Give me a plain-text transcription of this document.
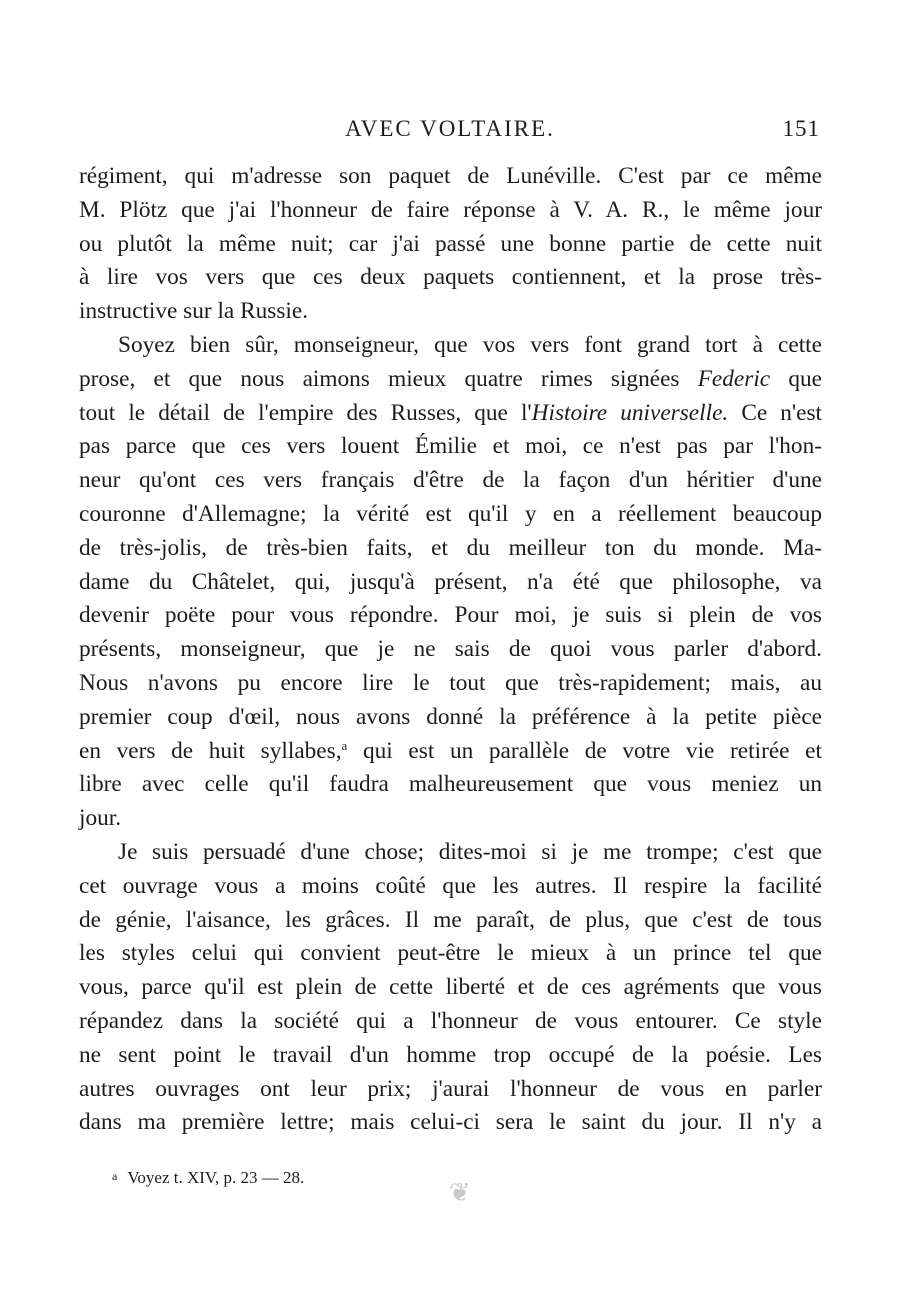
AVEC VOLTAIRE.	151

régiment, qui m'adresse son paquet de Lunéville. C'est par ce même
M. Plötz que j'ai l'honneur de faire réponse à V. A. R., le même jour
ou plutôt la même nuit; car j'ai passé une bonne partie de cette nuit
à lire vos vers que ces deux paquets contiennent, et la prose très-
instructive sur la Russie.

Soyez bien sûr, monseigneur, que vos vers font grand tort à cette
prose, et que nous aimons mieux quatre rimes signées Federic que
tout le détail de l'empire des Russes, que l'Histoire universelle. Ce n'est
pas parce que ces vers louent Émilie et moi, ce n'est pas par l'hon-
neur qu'ont ces vers français d'être de la façon d'un héritier d'une
couronne d'Allemagne; la vérité est qu'il y en a réellement beaucoup
de très-jolis, de très-bien faits, et du meilleur ton du monde. Ma-
dame du Châtelet, qui, jusqu'à présent, n'a été que philosophe, va
devenir poëte pour vous répondre. Pour moi, je suis si plein de vos
présents, monseigneur, que je ne sais de quoi vous parler d'abord.
Nous n'avons pu encore lire le tout que très-rapidement; mais, au
premier coup d'œil, nous avons donné la préférence à la petite pièce
en vers de huit syllabes,$^a$ qui est un parallèle de votre vie retirée et
libre avec celle qu'il faudra malheureusement que vous meniez un
jour.

Je suis persuadé d'une chose; dites-moi si je me trompe; c'est que
cet ouvrage vous a moins coûté que les autres. Il respire la facilité
de génie, l'aisance, les grâces. Il me paraît, de plus, que c'est de tous
les styles celui qui convient peut-être le mieux à un prince tel que
vous, parce qu'il est plein de cette liberté et de ces agréments que vous
répandez dans la société qui a l'honneur de vous entourer. Ce style
ne sent point le travail d'un homme trop occupé de la poésie. Les
autres ouvrages ont leur prix; j'aurai l'honneur de vous en parler
dans ma première lettre; mais celui-ci sera le saint du jour. Il n'y a

a Voyez t. XIV, p. 23 — 28.
❦
